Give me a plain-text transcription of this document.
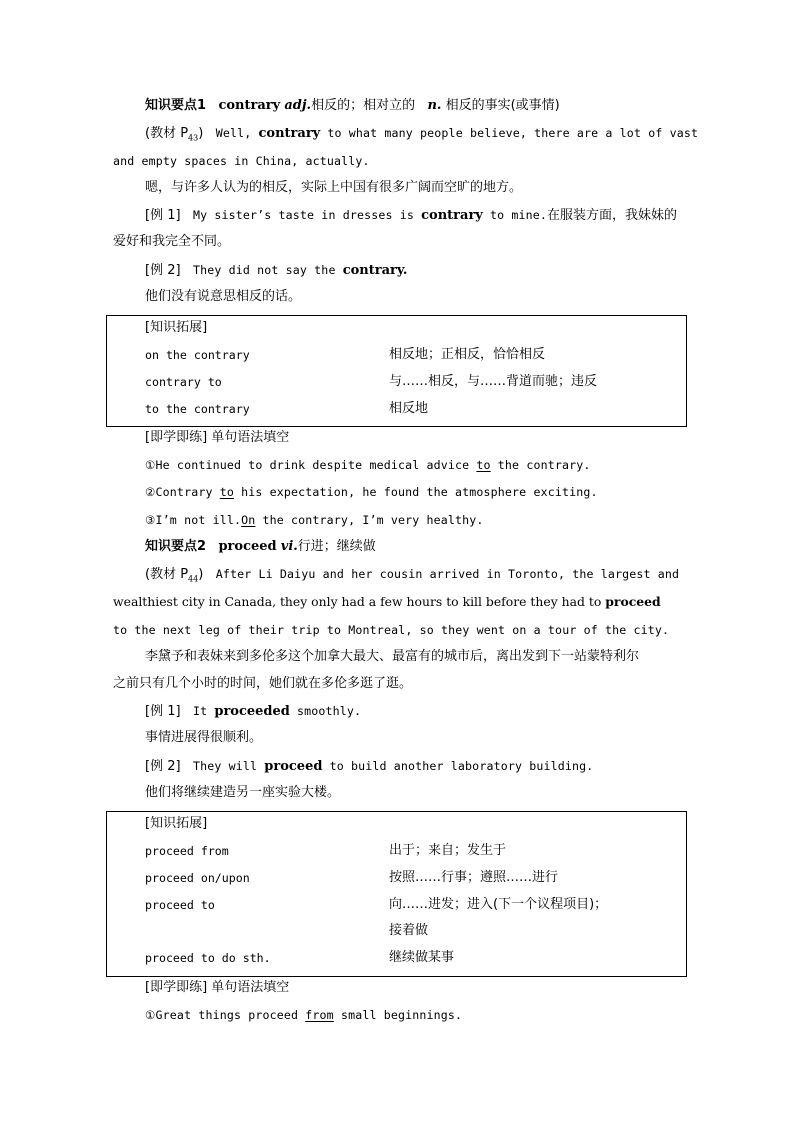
知识要点1 contrary adj.相反的；相对立的 n. 相反的事实(或事情)
(教材 $P_{43}$) Well, contrary to what many people believe, there are a lot of vast
and empty spaces in China, actually.
嗯，与许多人认为的相反，实际上中国有很多广阔而空旷的地方。
[例 1] My sister’s taste in dresses is contrary to mine.在服装方面，我妹妹的
爱好和我完全不同。
[例 2] They did not say the contrary.
他们没有说意思相反的话。
[知识拓展]
on the contrary	相反地；正相反，恰恰相反
contrary to	与……相反，与……背道而驰；违反
to the contrary	相反地
[即学即练] 单句语法填空
①He continued to drink despite medical advice to the contrary.
②Contrary to his expectation, he found the atmosphere exciting.
③I’m not ill.On the contrary, I’m very healthy.
知识要点2 proceed vi.行进；继续做
(教材 $P_{44}$) After Li Daiyu and her cousin arrived in Toronto, the largest and
wealthiest city in Canada, they only had a few hours to kill before they had to proceed
to the next leg of their trip to Montreal, so they went on a tour of the city.
李黛予和表妹来到多伦多这个加拿大最大、最富有的城市后，离出发到下一站蒙特利尔
之前只有几个小时的时间，她们就在多伦多逛了逛。
[例 1] It proceeded smoothly.
事情进展得很顺利。
[例 2] They will proceed to build another laboratory building.
他们将继续建造另一座实验大楼。
[知识拓展]
proceed from	出于；来自；发生于
proceed on/upon	按照……行事；遵照……进行
proceed to	向……进发；进入(下一个议程项目)；
接着做
proceed to do sth.	继续做某事
[即学即练] 单句语法填空
①Great things proceed from small beginnings.
